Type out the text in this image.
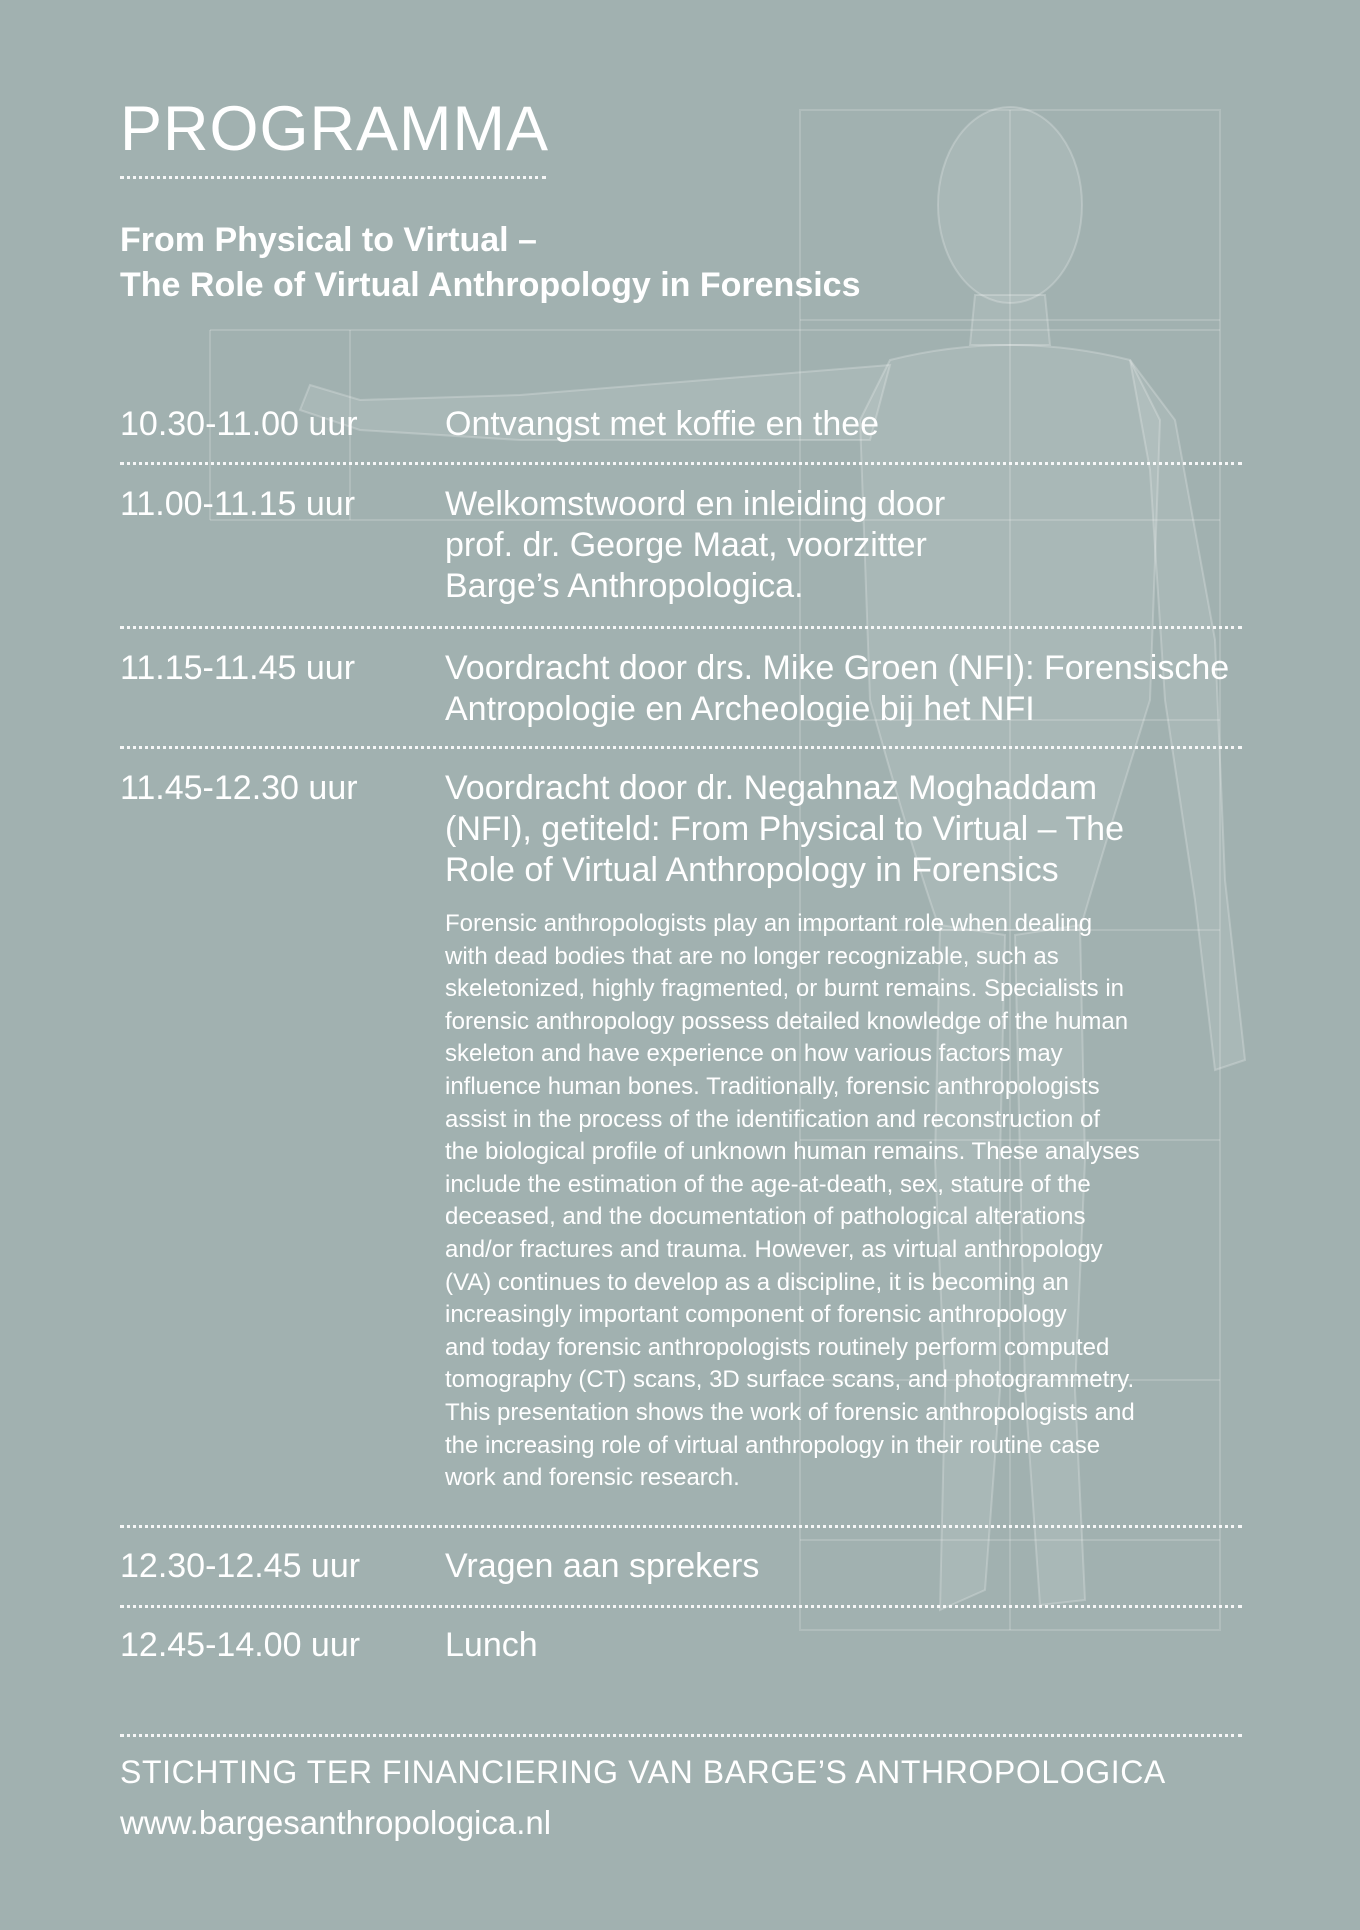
PROGRAMMA
From Physical to Virtual –
The Role of Virtual Anthropology in Forensics
10.30-11.00 uur	Ontvangst met koffie en thee
11.00-11.15 uur	Welkomstwoord en inleiding door
prof. dr. George Maat, voorzitter
Barge’s Anthropologica.
11.15-11.45 uur	Voordracht door drs. Mike Groen (NFI): Forensische
Antropologie en Archeologie bij het NFI
11.45-12.30 uur	Voordracht door dr. Negahnaz Moghaddam
(NFI), getiteld: From Physical to Virtual – The
Role of Virtual Anthropology in Forensics
Forensic anthropologists play an important role when dealing
with dead bodies that are no longer recognizable, such as
skeletonized, highly fragmented, or burnt remains. Specialists in
forensic anthropology possess detailed knowledge of the human
skeleton and have experience on how various factors may
influence human bones. Traditionally, forensic anthropologists
assist in the process of the identification and reconstruction of
the biological profile of unknown human remains. These analyses
include the estimation of the age-at-death, sex, stature of the
deceased, and the documentation of pathological alterations
and/or fractures and trauma. However, as virtual anthropology
(VA) continues to develop as a discipline, it is becoming an
increasingly important component of forensic anthropology
and today forensic anthropologists routinely perform computed
tomography (CT) scans, 3D surface scans, and photogrammetry.
This presentation shows the work of forensic anthropologists and
the increasing role of virtual anthropology in their routine case
work and forensic research.
12.30-12.45 uur Vragen aan sprekers
12.45-14.00 uur Lunch
STICHTING TER FINANCIERING VAN BARGE’S ANTHROPOLOGICA
www.bargesanthropologica.nl
